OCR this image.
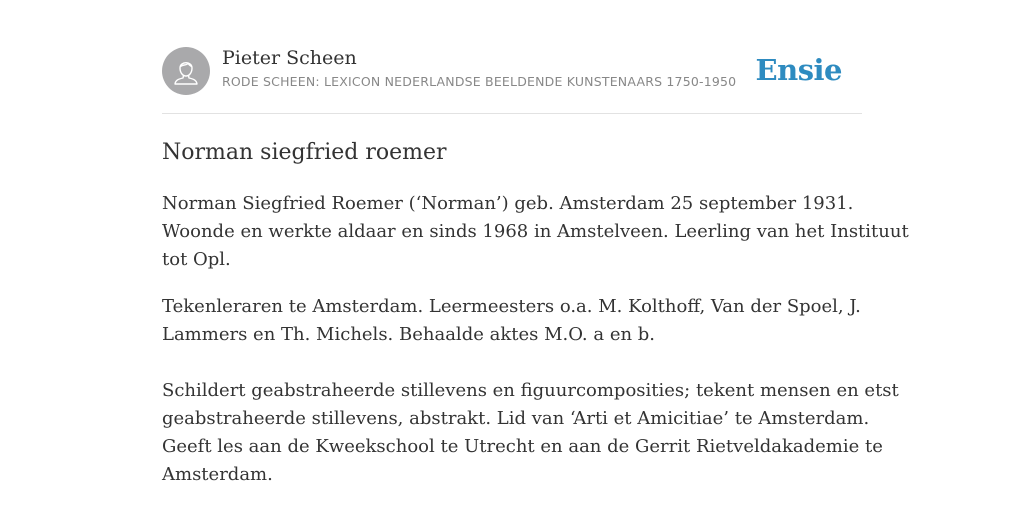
Pieter Scheen
RODE SCHEEN: LEXICON NEDERLANDSE BEELDENDE KUNSTENAARS 1750-1950 Ensie
Norman siegfried roemer

Norman Siegfried Roemer (‘Norman’) geb. Amsterdam 25 september 1931.
Woonde en werkte aldaar en sinds 1968 in Amstelveen. Leerling van het Instituut
tot Opl.

Tekenleraren te Amsterdam. Leermeesters o.a. M. Kolthoff, Van der Spoel, J.
Lammers en Th. Michels. Behaalde aktes M.O. a en b.

Schildert geabstraheerde stillevens en figuurcomposities; tekent mensen en etst
geabstraheerde stillevens, abstrakt. Lid van ‘Arti et Amicitiae’ te Amsterdam.
Geeft les aan de Kweekschool te Utrecht en aan de Gerrit Rietveldakademie te
Amsterdam.
